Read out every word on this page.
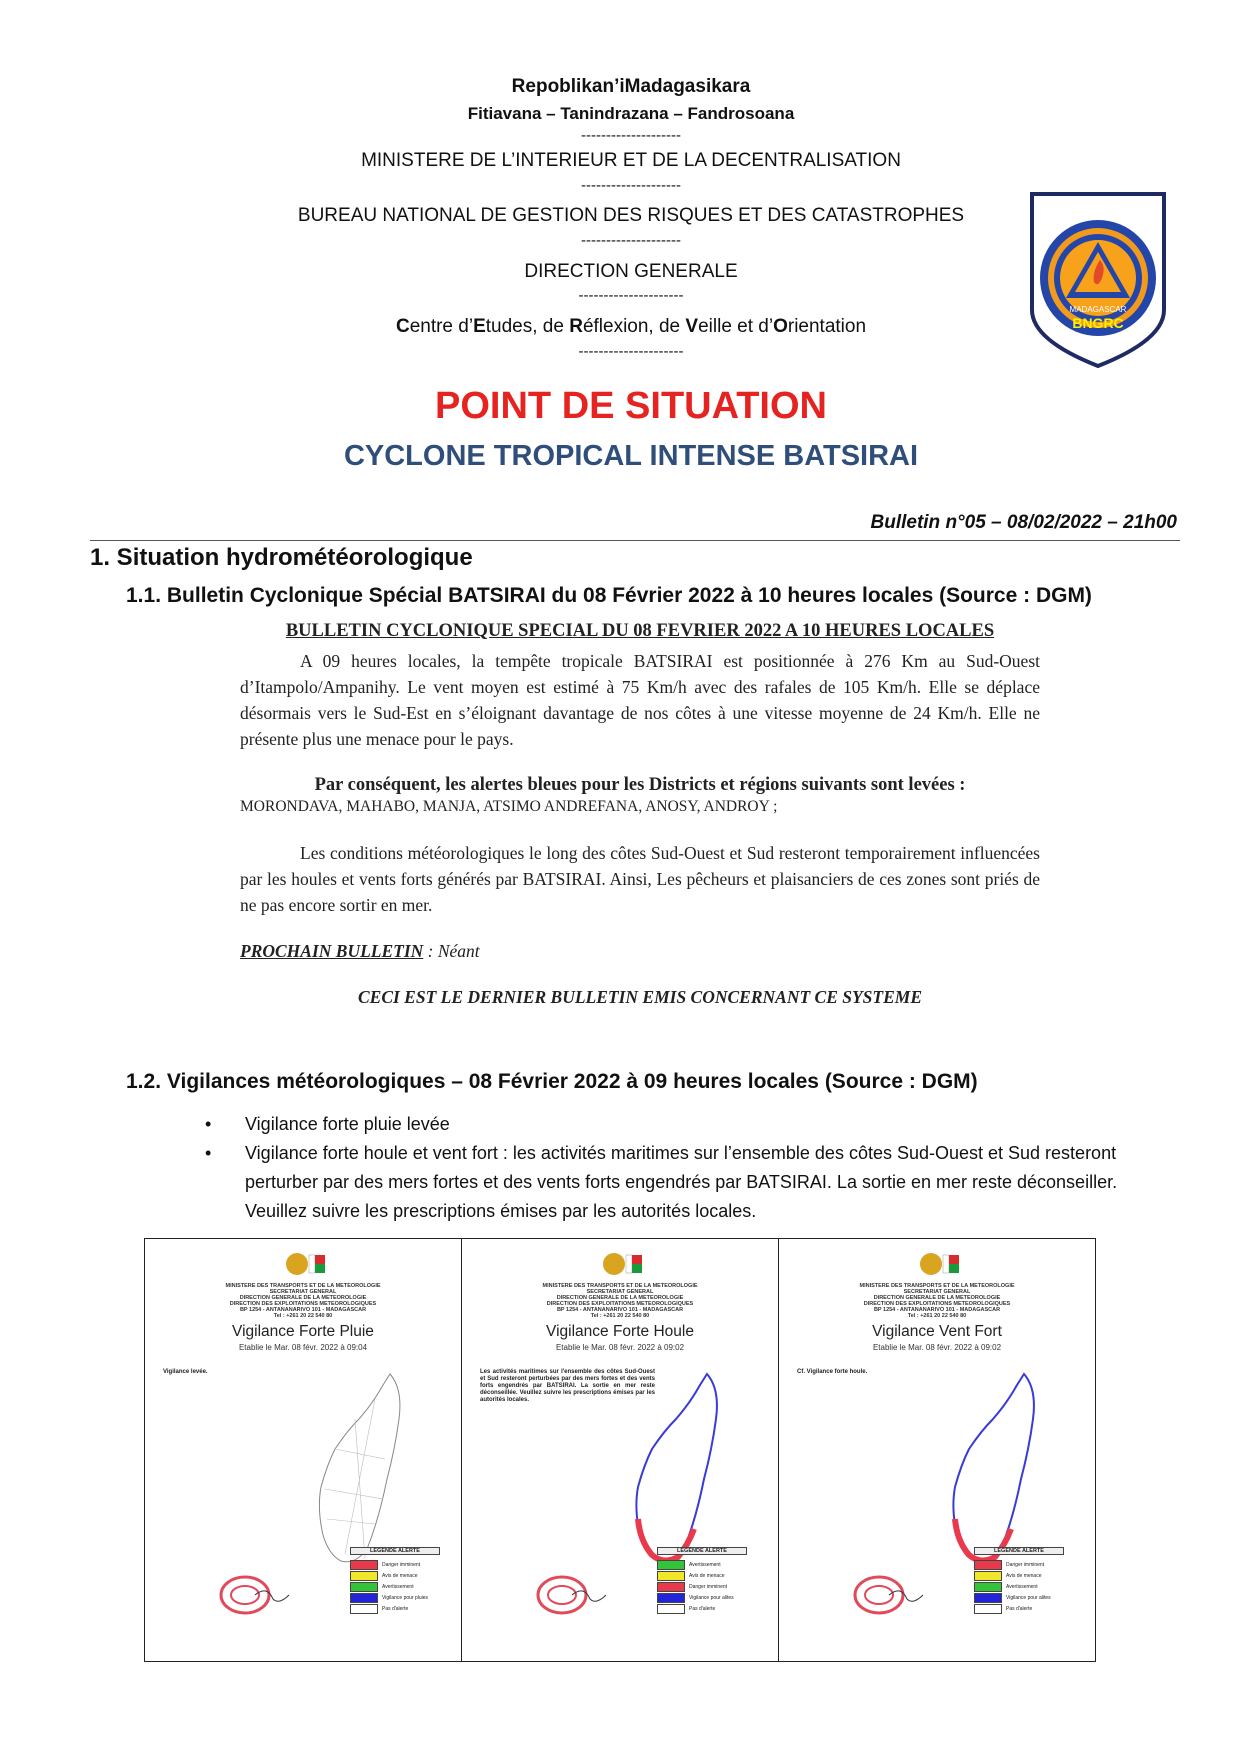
Repoblikan’iMadagasikara
Fitiavana – Tanindrazana – Fandrosoana
--------------------
MINISTERE DE L’INTERIEUR ET DE LA DECENTRALISATION
--------------------
BUREAU NATIONAL DE GESTION DES RISQUES ET DES CATASTROPHES
--------------------
DIRECTION GENERALE
---------------------
Centre d’Etudes, de Réflexion, de Veille et d’Orientation
---------------------
MADAGASCAR
BNGRC
POINT DE SITUATION
CYCLONE TROPICAL INTENSE BATSIRAI
Bulletin n°05 – 08/02/2022 – 21h00
1. Situation hydrométéorologique
1.1. Bulletin Cyclonique Spécial BATSIRAI du 08 Février 2022 à 10 heures locales (Source : DGM)
BULLETIN CYCLONIQUE SPECIAL DU 08 FEVRIER 2022 A 10 HEURES LOCALES

A 09 heures locales, la tempête tropicale BATSIRAI est positionnée à 276 Km au Sud-Ouest d’Itampolo/Ampanihy. Le vent moyen est estimé à 75 Km/h avec des rafales de 105 Km/h. Elle se déplace désormais vers le Sud-Est en s’éloignant davantage de nos côtes à une vitesse moyenne de 24 Km/h. Elle ne présente plus une menace pour le pays.

Par conséquent, les alertes bleues pour les Districts et régions suivants sont levées :

MORONDAVA, MAHABO, MANJA, ATSIMO ANDREFANA, ANOSY, ANDROY ;

Les conditions météorologiques le long des côtes Sud-Ouest et Sud resteront temporairement influencées par les houles et vents forts générés par BATSIRAI. Ainsi, Les pêcheurs et plaisanciers de ces zones sont priés de ne pas encore sortir en mer.

PROCHAIN BULLETIN : Néant

CECI EST LE DERNIER BULLETIN EMIS CONCERNANT CE SYSTEME

1.2. Vigilances météorologiques – 08 Février 2022 à 09 heures locales (Source : DGM)
• Vigilance forte pluie levée
• Vigilance forte houle et vent fort : les activités maritimes sur l’ensemble des côtes Sud-Ouest et Sud resteront perturber par des mers fortes et des vents forts engendrés par BATSIRAI. La sortie en mer reste déconseiller. Veuillez suivre les prescriptions émises par les autorités locales.
MINISTERE DES TRANSPORTS ET DE LA METEOROLOGIE
SECRETARIAT GENERAL
DIRECTION GENERALE DE LA METEOROLOGIE
DIRECTION DES EXPLOITATIONS METEOROLOGIQUES
BP 1254 - ANTANANARIVO 101 - MADAGASCAR
Tel : +261 20 22 540 80
Vigilance Forte Pluie
Etablie le Mar. 08 févr. 2022 à 09:04
Vigilance levée.
LEGENDE ALERTE
Danger imminent
Avis de menace
Avertissement
Vigilance pour pluies
Pas d'alerte
MINISTERE DES TRANSPORTS ET DE LA METEOROLOGIE
SECRETARIAT GENERAL
DIRECTION GENERALE DE LA METEOROLOGIE
DIRECTION DES EXPLOITATIONS METEOROLOGIQUES
BP 1254 - ANTANANARIVO 101 - MADAGASCAR
Tel : +261 20 22 540 80
Vigilance Forte Houle
Etablie le Mar. 08 févr. 2022 à 09:02
Les activités maritimes sur l'ensemble des côtes Sud-Ouest et Sud resteront perturbées par des mers fortes et des vents forts engendrés par BATSIRAI. La sortie en mer reste déconseillée. Veuillez suivre les prescriptions émises par les autorités locales.
LEGENDE ALERTE
Avertissement
Avis de menace
Danger imminent
Vigilance pour alites
Pas d'alerte
MINISTERE DES TRANSPORTS ET DE LA METEOROLOGIE
SECRETARIAT GENERAL
DIRECTION GENERALE DE LA METEOROLOGIE
DIRECTION DES EXPLOITATIONS METEOROLOGIQUES
BP 1254 - ANTANANARIVO 101 - MADAGASCAR
Tel : +261 20 22 540 80
Vigilance Vent Fort
Etablie le Mar. 08 févr. 2022 à 09:02
Cf. Vigilance forte houle.
LEGENDE ALERTE
Danger imminent
Avis de menace
Avertissement
Vigilance pour alites
Pas d'alerte
